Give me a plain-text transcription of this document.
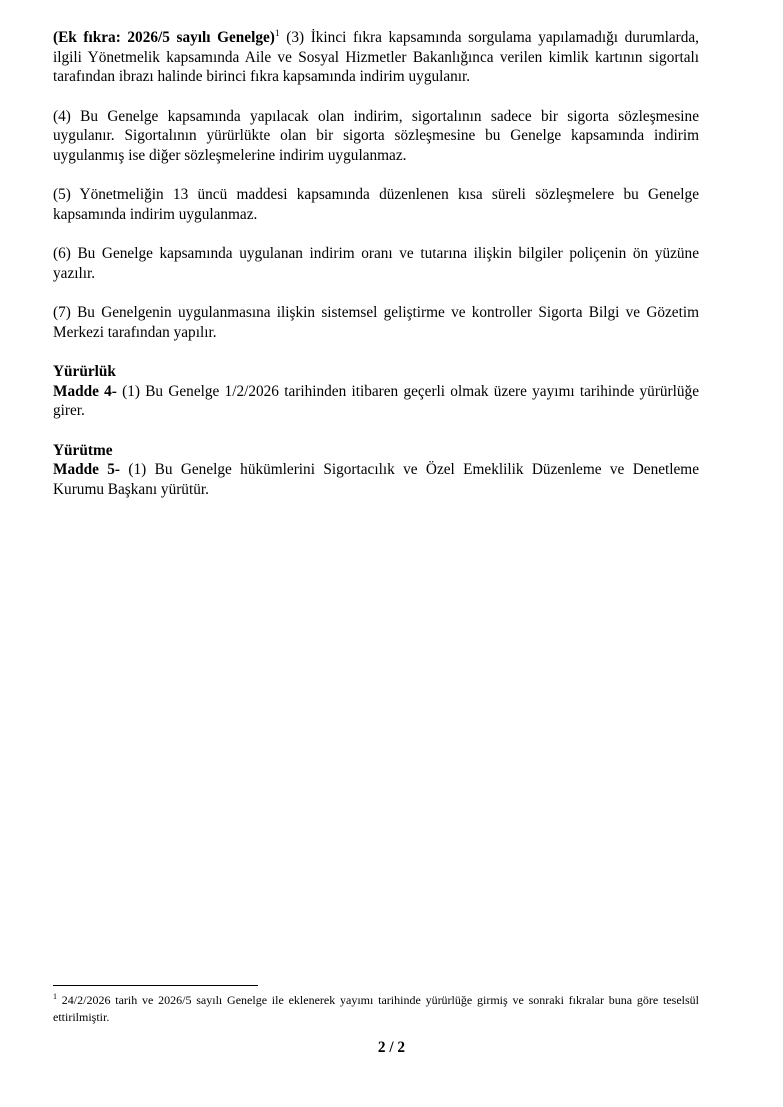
(Ek fıkra: 2026/5 sayılı Genelge)$^1$ (3) İkinci fıkra kapsamında sorgulama yapılamadığı durumlarda, ilgili Yönetmelik kapsamında Aile ve Sosyal Hizmetler Bakanlığınca verilen kimlik kartının sigortalı tarafından ibrazı halinde birinci fıkra kapsamında indirim uygulanır.

(4) Bu Genelge kapsamında yapılacak olan indirim, sigortalının sadece bir sigorta sözleşmesine uygulanır. Sigortalının yürürlükte olan bir sigorta sözleşmesine bu Genelge kapsamında indirim uygulanmış ise diğer sözleşmelerine indirim uygulanmaz.

(5) Yönetmeliğin 13 üncü maddesi kapsamında düzenlenen kısa süreli sözleşmelere bu Genelge kapsamında indirim uygulanmaz.

(6) Bu Genelge kapsamında uygulanan indirim oranı ve tutarına ilişkin bilgiler poliçenin ön yüzüne yazılır.

(7) Bu Genelgenin uygulanmasına ilişkin sistemsel geliştirme ve kontroller Sigorta Bilgi ve Gözetim Merkezi tarafından yapılır.

Yürürlük

Madde 4- (1) Bu Genelge 1/2/2026 tarihinden itibaren geçerli olmak üzere yayımı tarihinde yürürlüğe girer.

Yürütme

Madde 5- (1) Bu Genelge hükümlerini Sigortacılık ve Özel Emeklilik Düzenleme ve Denetleme Kurumu Başkanı yürütür.

$^1$ 24/2/2026 tarih ve 2026/5 sayılı Genelge ile eklenerek yayımı tarihinde yürürlüğe girmiş ve sonraki fıkralar buna göre teselsül ettirilmiştir.
2 / 2
